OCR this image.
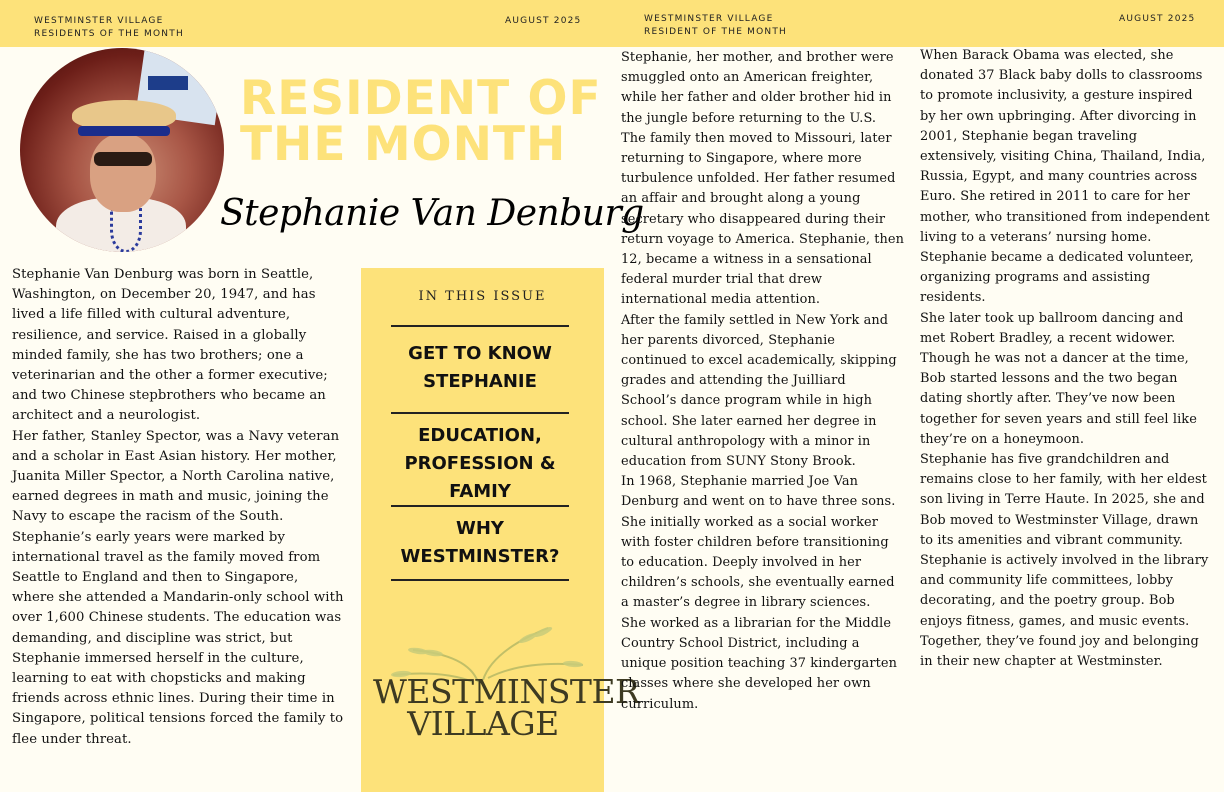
WESTMINSTER VILLAGE
RESIDENTS OF THE MONTH
AUGUST 2025	WESTMINSTER VILLAGE
RESIDENT OF THE MONTH
AUGUST 2025
RESIDENT OF
THE MONTH
Stephanie Van Denburg

Stephanie Van Denburg was born in Seattle, Washington, on December 20, 1947, and has lived a life filled with cultural adventure, resilience, and service. Raised in a globally minded family, she has two brothers; one a veterinarian and the other a former executive; and two Chinese stepbrothers who became an architect and a neurologist.

Her father, Stanley Spector, was a Navy veteran and a scholar in East Asian history. Her mother, Juanita Miller Spector, a North Carolina native, earned degrees in math and music, joining the Navy to escape the racism of the South. Stephanie’s early years were marked by international travel as the family moved from Seattle to England and then to Singapore, where she attended a Mandarin-only school with over 1,600 Chinese students. The education was demanding, and discipline was strict, but Stephanie immersed herself in the culture, learning to eat with chopsticks and making friends across ethnic lines. During their time in Singapore, political tensions forced the family to flee under threat.

IN THIS ISSUE
GET TO KNOW
STEPHANIE
EDUCATION,
PROFESSION &
FAMIY
WHY
WESTMINSTER?
WESTMINSTER
VILLAGE

Stephanie, her mother, and brother were smuggled onto an American freighter, while her father and older brother hid in the jungle before returning to the U.S. The family then moved to Missouri, later returning to Singapore, where more turbulence unfolded. Her father resumed an affair and brought along a young secretary who disappeared during their return voyage to America. Stephanie, then 12, became a witness in a sensational federal murder trial that drew international media attention.

After the family settled in New York and her parents divorced, Stephanie continued to excel academically, skipping grades and attending the Juilliard School’s dance program while in high school. She later earned her degree in cultural anthropology with a minor in education from SUNY Stony Brook.

In 1968, Stephanie married Joe Van Denburg and went on to have three sons. She initially worked as a social worker with foster children before transitioning to education. Deeply involved in her children’s schools, she eventually earned a master’s degree in library sciences.

She worked as a librarian for the Middle Country School District, including a unique position teaching 37 kindergarten classes where she developed her own curriculum.

When Barack Obama was elected, she donated 37 Black baby dolls to classrooms to promote inclusivity, a gesture inspired by her own upbringing. After divorcing in 2001, Stephanie began traveling extensively, visiting China, Thailand, India, Russia, Egypt, and many countries across Euro. She retired in 2011 to care for her mother, who transitioned from independent living to a veterans’ nursing home. Stephanie became a dedicated volunteer, organizing programs and assisting residents.

She later took up ballroom dancing and met Robert Bradley, a recent widower. Though he was not a dancer at the time, Bob started lessons and the two began dating shortly after. They’ve now been together for seven years and still feel like they’re on a honeymoon.

Stephanie has five grandchildren and remains close to her family, with her eldest son living in Terre Haute. In 2025, she and Bob moved to Westminster Village, drawn to its amenities and vibrant community.

Stephanie is actively involved in the library and community life committees, lobby decorating, and the poetry group. Bob enjoys fitness, games, and music events. Together, they’ve found joy and belonging in their new chapter at Westminster.
